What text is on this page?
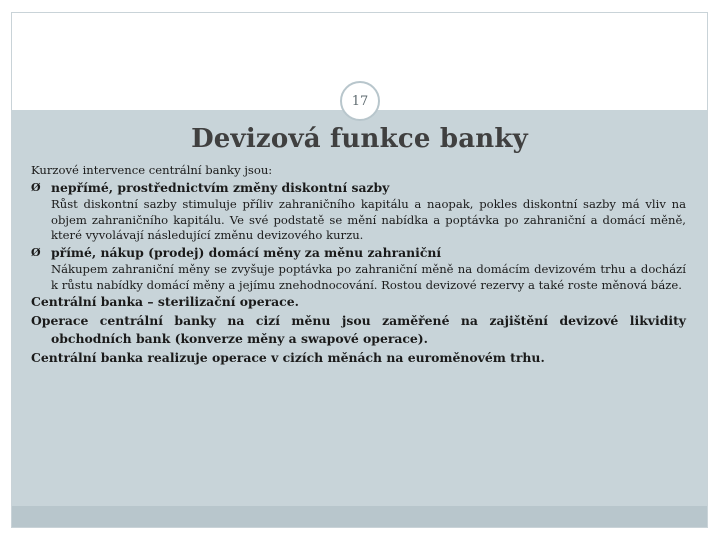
17
Devizová funkce banky

Kurzové intervence centrální banky jsou:

Ø nepřímé, prostřednictvím změny diskontní sazby

Růst diskontní sazby stimuluje příliv zahraničního kapitálu a naopak, pokles diskontní sazby má vliv na objem zahraničního kapitálu. Ve své podstatě se mění nabídka a poptávka po zahraniční a domácí měně, které vyvolávají následující změnu devizového kurzu.

Ø přímé, nákup (prodej) domácí měny za měnu zahraniční

Nákupem zahraniční měny se zvyšuje poptávka po zahraniční měně na domácím devizovém trhu a dochází k růstu nabídky domácí měny a jejímu znehodnocování. Rostou devizové rezervy a také roste měnová báze.

Centrální banka – sterilizační operace.

Operace centrální banky na cizí měnu jsou zaměřené na zajištění devizové likvidity obchodních bank (konverze měny a swapové operace).

Centrální banka realizuje operace v cizích měnách na euroměnovém trhu.
